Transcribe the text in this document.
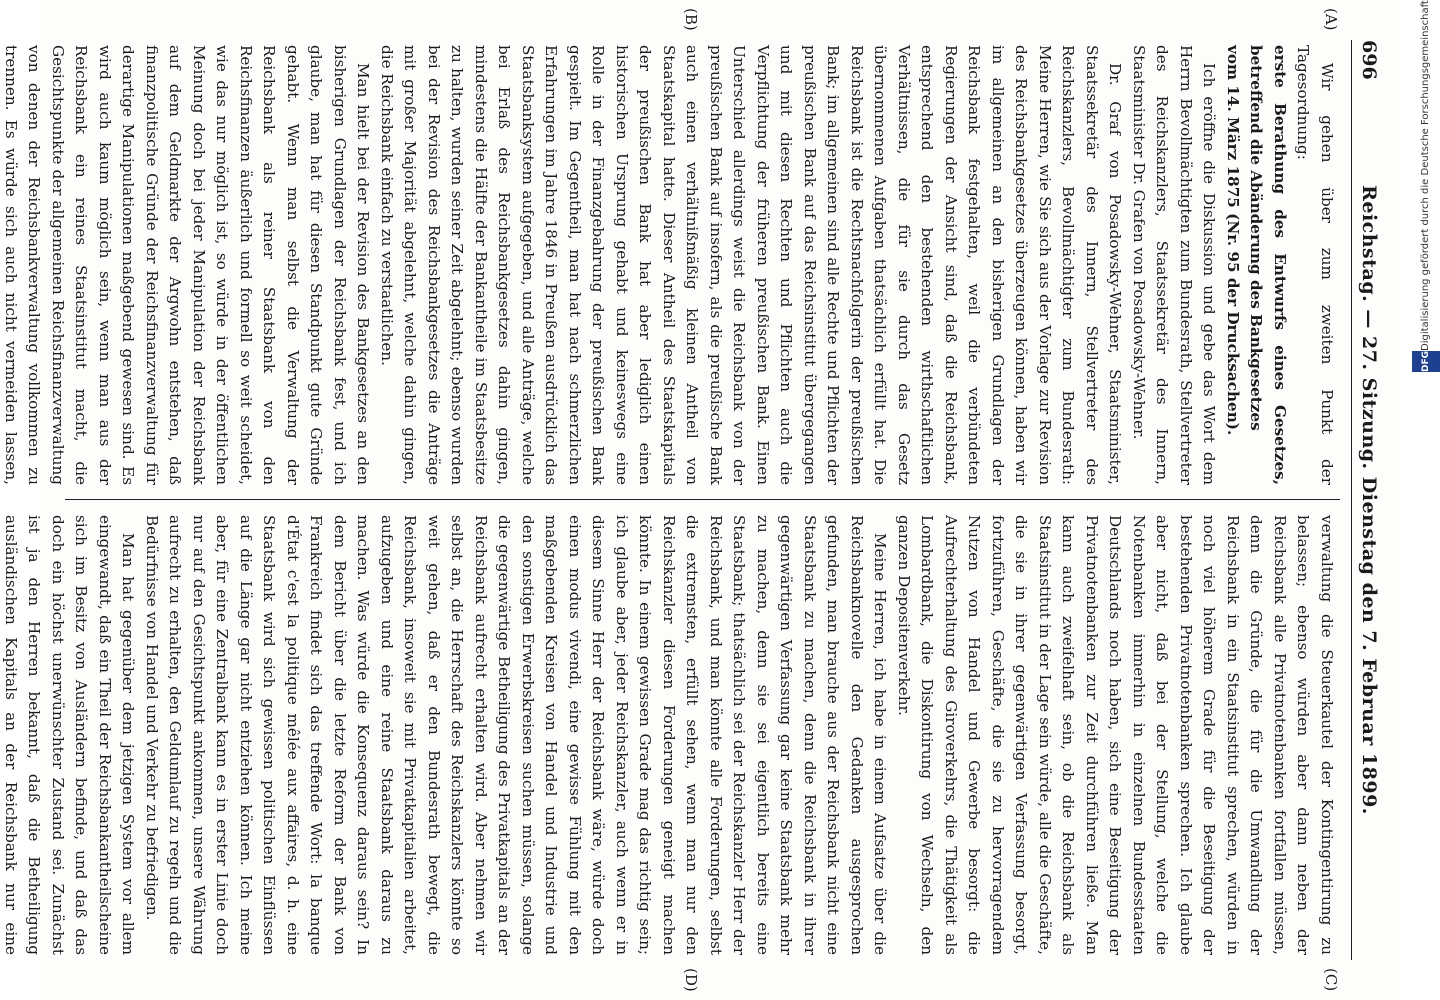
696
Reichstag. — 27. Sitzung. Dienstag den 7. Februar 1899.
(A)
(B)
(C)
(D)

Wir gehen über zum zweiten Punkt der Tagesordnung:

erste Berathung des Entwurfs eines Gesetzes, betreffend die Abänderung des Bankgesetzes

vom 14. März 1875 (Nr. 95 der Drucksachen).

Ich eröffne die Diskussion und gebe das Wort dem Herrn Bevollmächtigten zum Bundesrath, Stellvertreter des Reichskanzlers, Staatssekretär des Innern, Staatsminister Dr. Grafen von Posadowsky-Wehner.

Dr. Graf von Posadowsky-Wehner, Staatsminister, Staatssekretär des Innern, Stellvertreter des Reichskanzlers, Bevollmächtigter zum Bundesrath: Meine Herren, wie Sie sich aus der Vorlage zur Revision des Reichsbankgesetzes überzeugen können, haben wir im allgemeinen an den bisherigen Grundlagen der Reichsbank festgehalten, weil die verbündeten Regierungen der Ansicht sind, daß die Reichsbank, entsprechend den bestehenden wirthschaftlichen Verhältnissen, die für sie durch das Gesetz übernommenen Aufgaben thatsächlich erfüllt hat. Die Reichsbank ist die Rechtsnachfolgerin der preußischen Bank; im allgemeinen sind alle Rechte und Pflichten der preußischen Bank auf das Reichsinstitut übergegangen und mit diesen Rechten und Pflichten auch die Verpflichtung der früheren preußischen Bank. Einen Unterschied allerdings weist die Reichsbank von der preußischen Bank auf insofern, als die preußische Bank auch einen verhältnißmäßig kleinen Antheil von Staatskapital hatte. Dieser Antheil des Staatskapitals der preußischen Bank hat aber lediglich einen historischen Ursprung gehabt und keineswegs eine Rolle in der Finanzgebahrung der preußischen Bank gespielt. Im Gegentheil, man hat nach schmerzlichen Erfahrungen im Jahre 1846 in Preußen ausdrücklich das Staatsbanksystem aufgegeben, und alle Anträge, welche bei Erlaß des Reichsbankgesetzes dahin gingen, mindestens die Hälfte der Bankantheile im Staatsbesitze zu halten, wurden seiner Zeit abgelehnt; ebenso wurden bei der Revision des Reichsbankgesetzes die Anträge mit großer Majorität abgelehnt, welche dahin gingen, die Reichsbank einfach zu verstaatlichen.

Man hielt bei der Revision des Bankgesetzes an den bisherigen Grundlagen der Reichsbank fest, und ich glaube, man hat für diesen Standpunkt gute Gründe gehabt. Wenn man selbst die Verwaltung der Reichsbank als reiner Staatsbank von den Reichsfinanzen äußerlich und formell so weit scheidet, wie das nur möglich ist, so würde in der öffentlichen Meinung doch bei jeder Manipulation der Reichsbank auf dem Geldmarkte der Argwohn entstehen, daß finanzpolitische Gründe der Reichsfinanzverwaltung für derartige Manipulationen maßgebend gewesen sind. Es wird auch kaum möglich sein, wenn man aus der Reichsbank ein reines Staatsinstitut macht, die Gesichtspunkte der allgemeinen Reichsfinanzverwaltung von denen der Reichsbankverwaltung vollkommen zu trennen. Es würde sich auch nicht vermeiden lassen,

verwaltung die Steuerkautel der Kontingentirung zu belassen; ebenso würden aber dann neben der Reichsbank alle Privatnotenbanken fortfallen müssen, denn die Gründe, die für die Umwandlung der Reichsbank in ein Staatsinstitut sprechen, würden in noch viel höherem Grade für die Beseitigung der bestehenden Privatnotenbanken sprechen. Ich glaube aber nicht, daß bei der Stellung, welche die Notenbanken immerhin in einzelnen Bundesstaaten Deutschlands noch haben, sich eine Beseitigung der Privatnotenbanken zur Zeit durchführen ließe. Man kann auch zweifelhaft sein, ob die Reichsbank als Staatsinstitut in der Lage sein würde, alle die Geschäfte, die sie in ihrer gegenwärtigen Verfassung besorgt, fortzuführen, Geschäfte, die sie zu hervorragendem Nutzen von Handel und Gewerbe besorgt: die Aufrechterhaltung des Giroverkehrs, die Thätigkeit als Lombardbank, die Diskontirung von Wechseln, den ganzen Depositenverkehr.

Meine Herren, ich habe in einem Aufsatze über die Reichsbanknovelle den Gedanken ausgesprochen gefunden, man brauche aus der Reichsbank nicht eine Staatsbank zu machen, denn die Reichsbank in ihrer gegenwärtigen Verfassung gar keine Staatsbank mehr zu machen, denn sie sei eigentlich bereits eine Staatsbank; thatsächlich sei der Reichskanzler Herr der Reichsbank, und man könnte alle Forderungen, selbst die extremsten, erfüllt sehen, wenn man nur den Reichskanzler diesen Forderungen geneigt machen könnte. In einem gewissen Grade mag das richtig sein; ich glaube aber, jeder Reichskanzler, auch wenn er in diesem Sinne Herr der Reichsbank wäre, würde doch einen modus vivendi, eine gewisse Fühlung mit den maßgebenden Kreisen von Handel und Industrie und den sonstigen Erwerbskreisen suchen müssen, solange die gegenwärtige Betheiligung des Privatkapitals an der Reichsbank aufrecht erhalten wird. Aber nehmen wir selbst an, die Herrschaft des Reichskanzlers könnte so weit gehen, daß er den Bundesrath bewegt, die Reichsbank, insoweit sie mit Privatkapitalien arbeitet, aufzugeben und eine reine Staatsbank daraus zu machen. Was würde die Konsequenz daraus sein? In dem Bericht über die letzte Reform der Bank von Frankreich findet sich das treffende Wort: la banque d'État c'est la politique mêlée aux affaires, d. h. eine Staatsbank wird sich gewissen politischen Einflüssen auf die Länge gar nicht entziehen können. Ich meine aber, für eine Zentralbank kann es in erster Linie doch nur auf den Gesichtspunkt ankommen, unsere Währung aufrecht zu erhalten, den Geldumlauf zu regeln und die Bedürfnisse von Handel und Verkehr zu befriedigen.

Man hat gegenüber dem jetzigen System vor allem eingewandt, daß ein Theil der Reichsbankantheilscheine sich im Besitz von Ausländern befinde, und daß das doch ein höchst unerwünschter Zustand sei. Zunächst ist ja den Herren bekannt, daß die Betheiligung ausländischen Kapitals an der Reichsbank nur eine

DFGDigitalisierung gefördert durch die Deutsche Forschungsgemeinschaft
